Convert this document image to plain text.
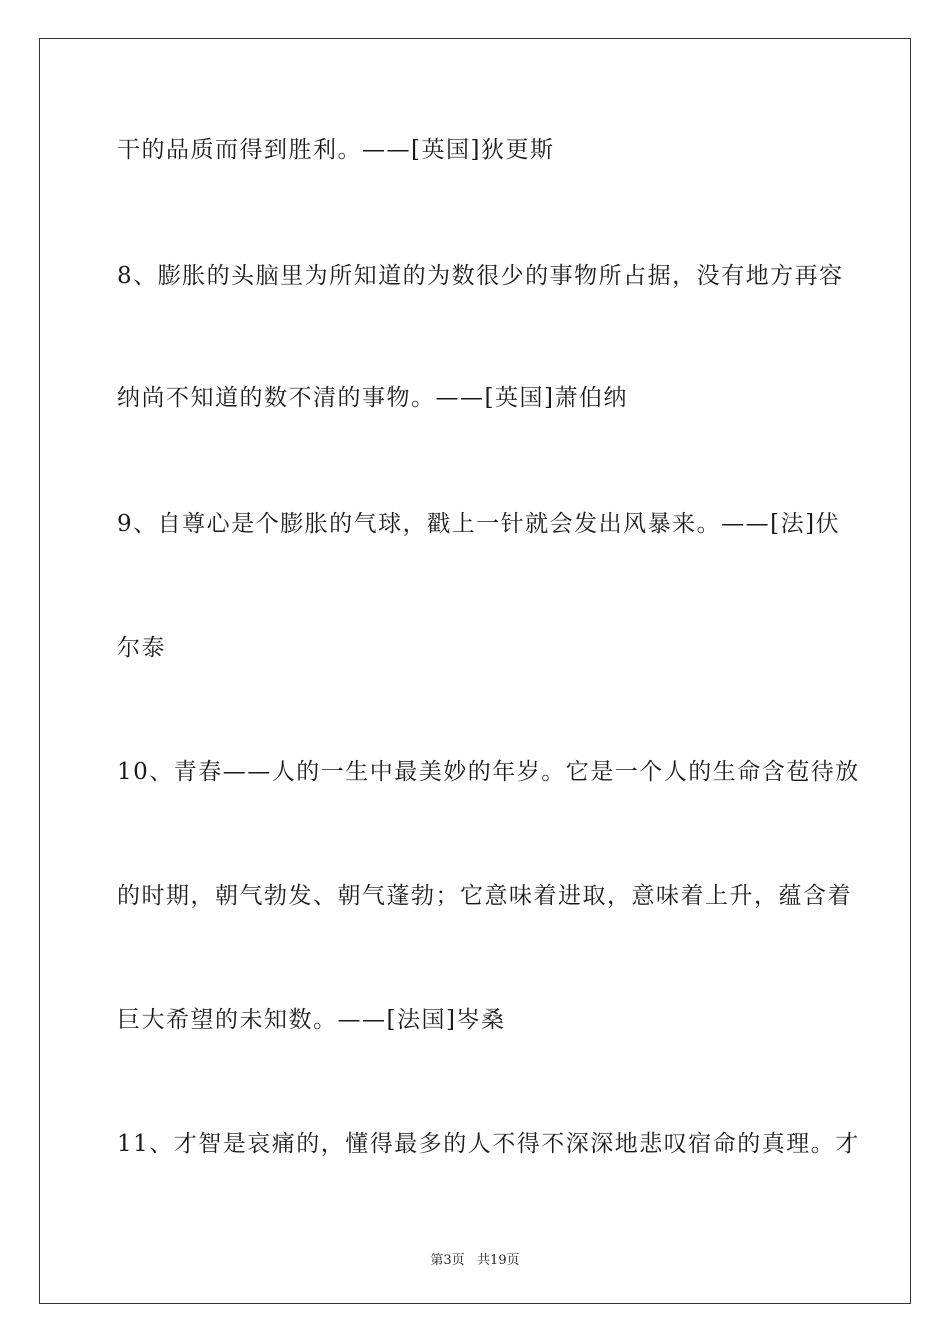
干的品质而得到胜利。——[英国]狄更斯
8、膨胀的头脑里为所知道的为数很少的事物所占据，没有地方再容
纳尚不知道的数不清的事物。——[英国]萧伯纳
9、自尊心是个膨胀的气球，戳上一针就会发出风暴来。——[法]伏
尔泰
10、青春——人的一生中最美妙的年岁。它是一个人的生命含苞待放
的时期，朝气勃发、朝气蓬勃；它意味着进取，意味着上升，蕴含着
巨大希望的未知数。——[法国]岑桑
11、才智是哀痛的，懂得最多的人不得不深深地悲叹宿命的真理。才
第3页   共19页
